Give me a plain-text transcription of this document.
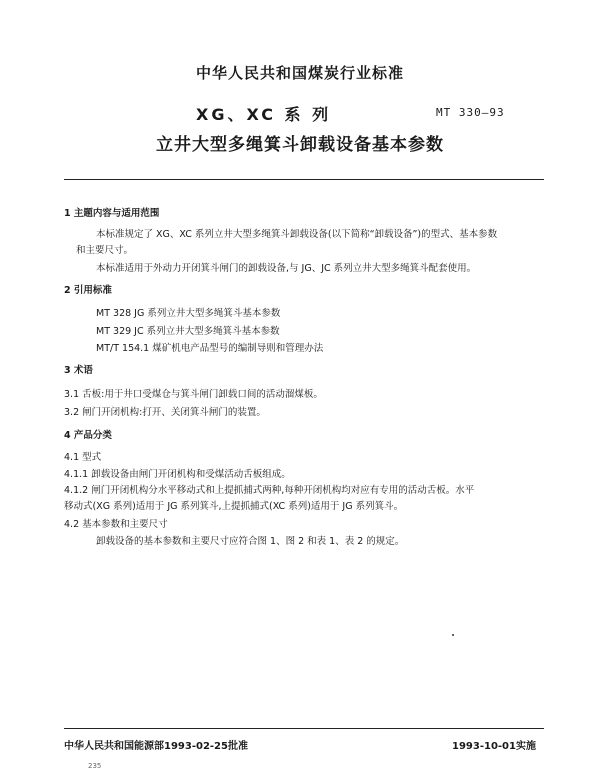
中华人民共和国煤炭行业标准
XG、XC 系 列	MT 330—93
立井大型多绳箕斗卸载设备基本参数
1 主题内容与适用范围
本标准规定了 XG、XC 系列立井大型多绳箕斗卸载设备(以下简称“卸载设备”)的型式、基本参数
和主要尺寸。
本标准适用于外动力开闭箕斗闸门的卸载设备,与 JG、JC 系列立井大型多绳箕斗配套使用。
2 引用标准
MT 328 JG 系列立井大型多绳箕斗基本参数
MT 329 JC 系列立井大型多绳箕斗基本参数
MT/T 154.1 煤矿机电产品型号的编制导则和管理办法
3 术语
3.1 舌板:用于井口受煤仓与箕斗闸门卸载口间的活动溜煤板。
3.2 闸门开闭机构:打开、关闭箕斗闸门的装置。
4 产品分类
4.1 型式
4.1.1 卸载设备由闸门开闭机构和受煤活动舌板组成。
4.1.2 闸门开闭机构分水平移动式和上提抓捕式两种,每种开闭机构均对应有专用的活动舌板。水平
移动式(XG 系列)适用于 JG 系列箕斗,上提抓捕式(XC 系列)适用于 JG 系列箕斗。
4.2 基本参数和主要尺寸
卸载设备的基本参数和主要尺寸应符合图 1、图 2 和表 1、表 2 的规定。
中华人民共和国能源部1993-02-25批准	1993-10-01实施
235
